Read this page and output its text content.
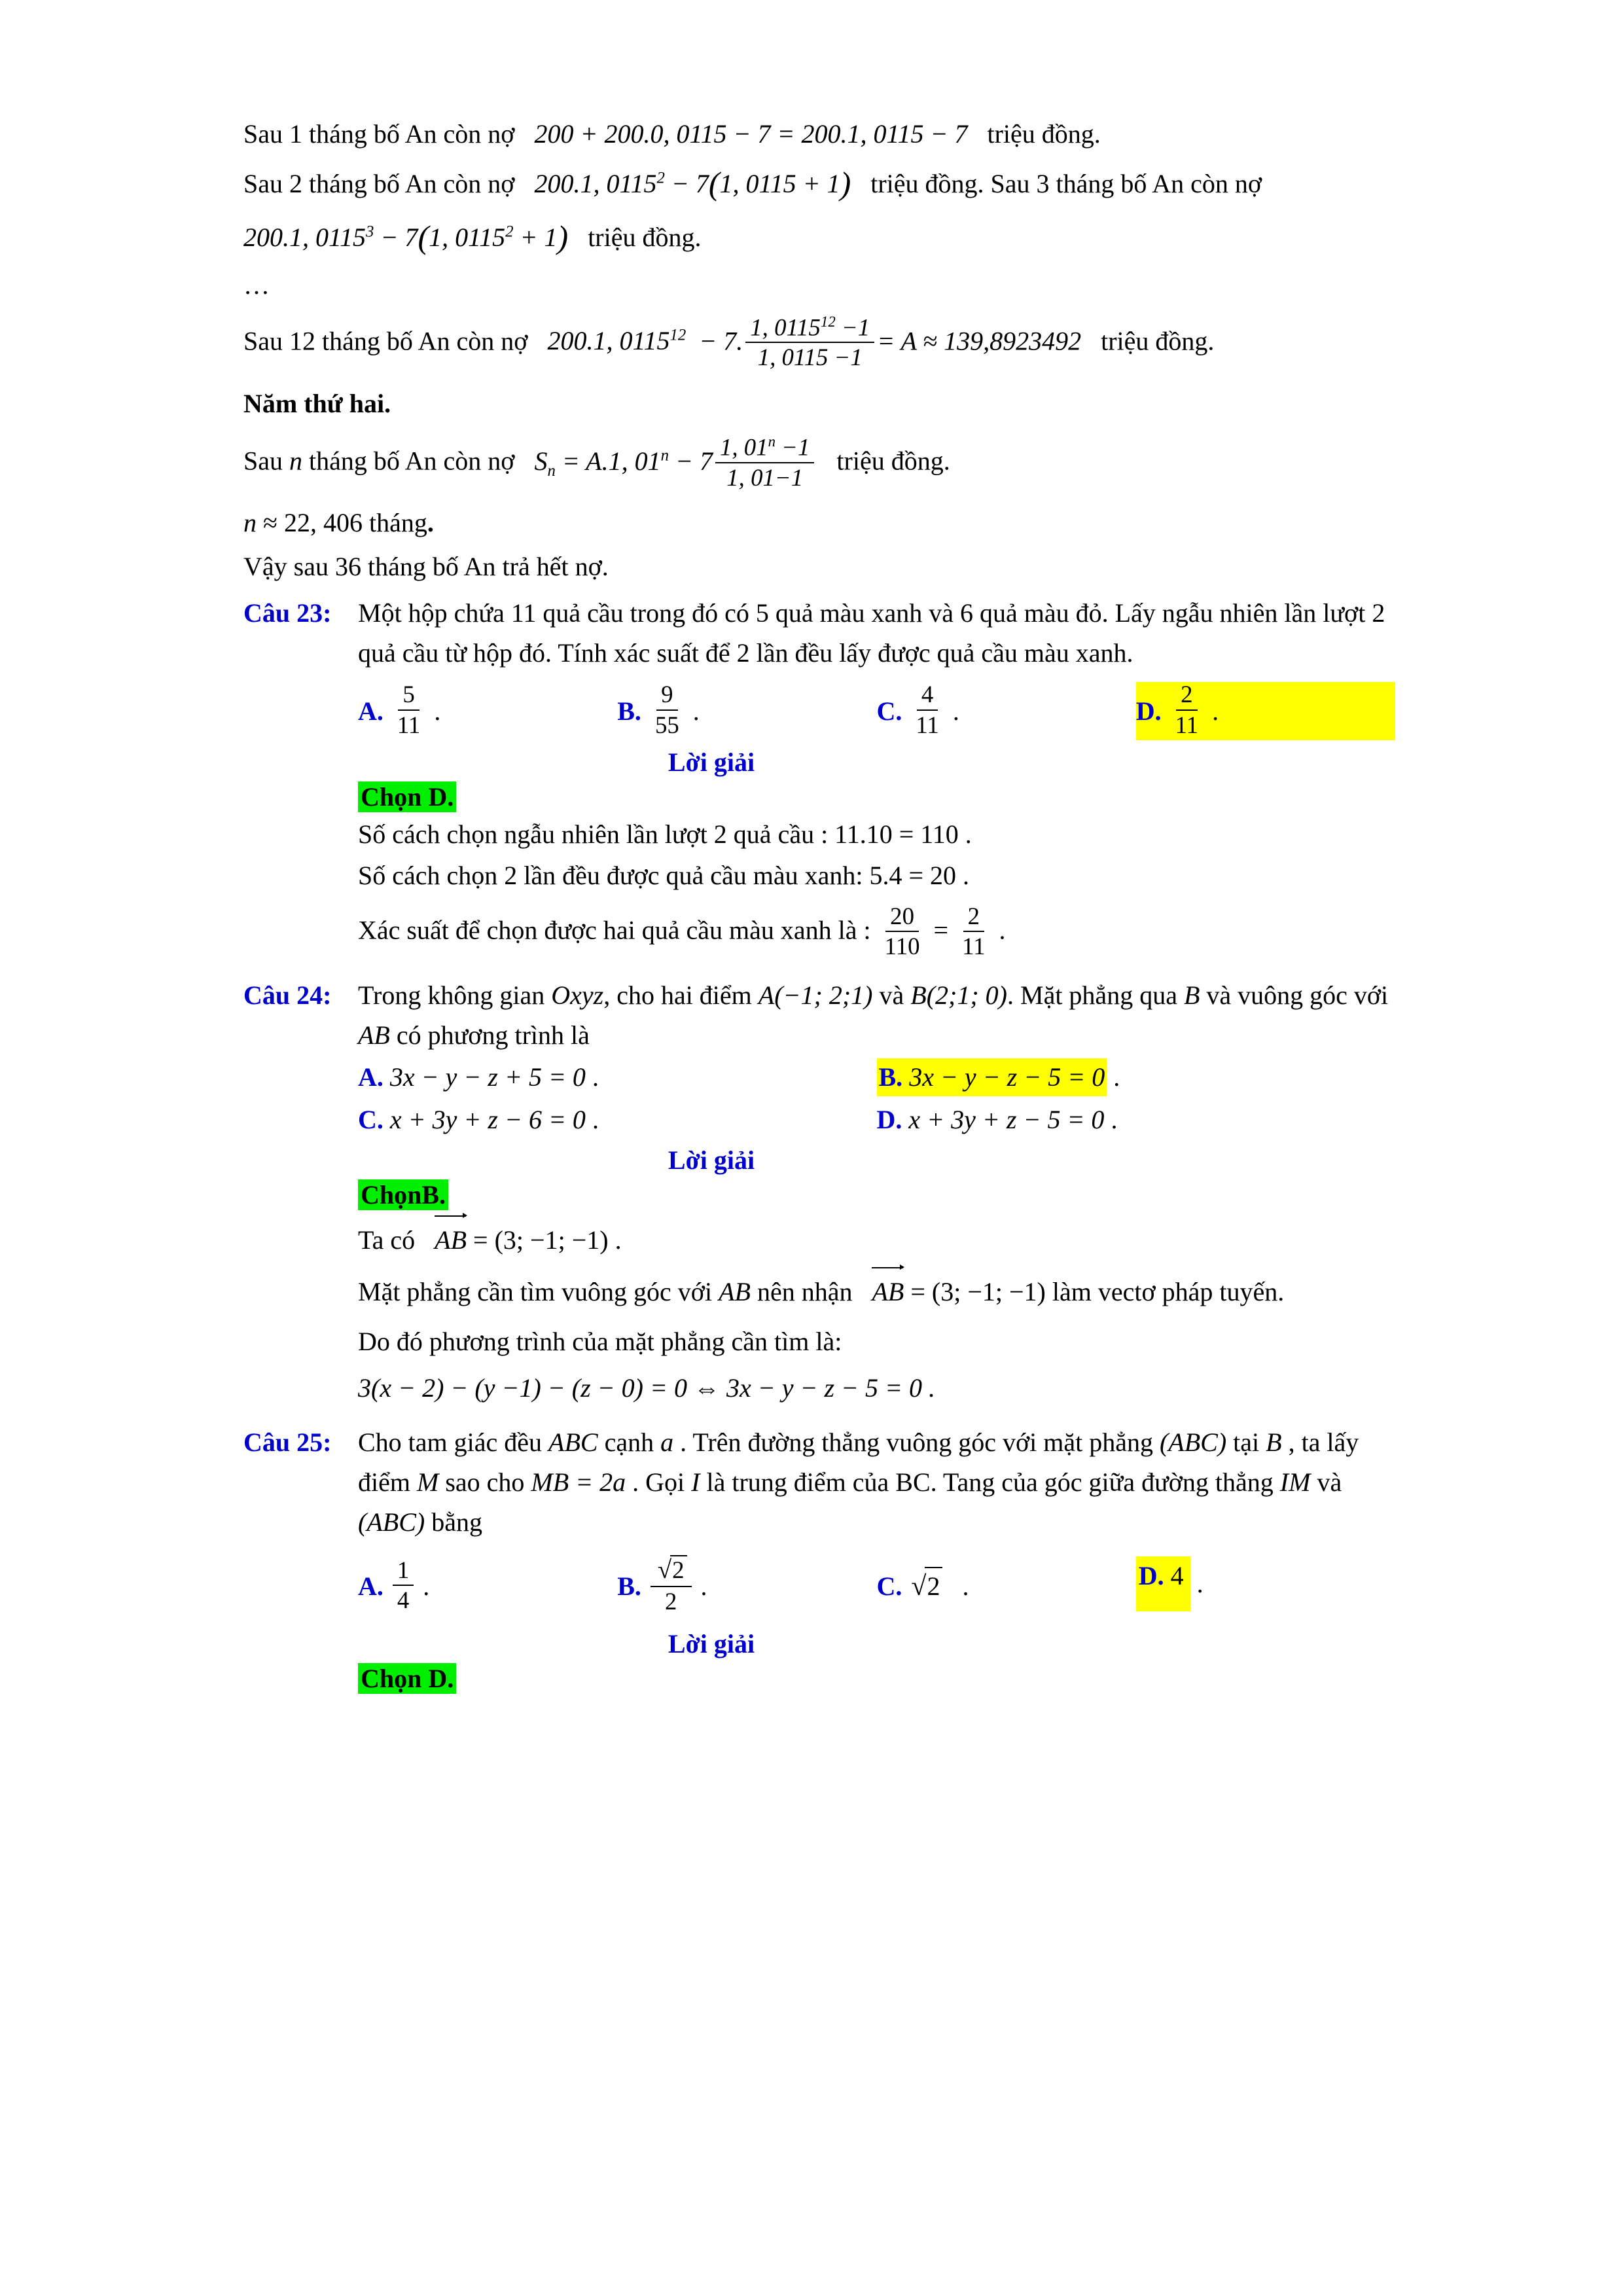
Sau 1 tháng bố An còn nợ 200 + 200.0, 0115 − 7 = 200.1, 0115 − 7 triệu đồng.
Sau 2 tháng bố An còn nợ 200.1, $0115^2 - 7(1$, 0115 + 1) triệu đồng. Sau 3 tháng bố An còn nợ
200.1, $0115^3 - 7(1$, $0115^2 + 1$) triệu đồng.
…
Sau 12 tháng bố An còn nợ 200.1, 0115$^{12}$  − 7. $\frac{1, 0115^{12} -1}{1, 0115 -1} = A \approx 139,8923492$ triệu đồng.
Năm thứ hai.
Sau n tháng bố An còn nợ $S_n = A.1$, $01^n - 7 \frac{1, 01^n -1}{1, 01-1}$ triệu đồng.
n ≈ 22, 406 tháng.
Vậy sau 36 tháng bố An trả hết nợ.
Câu 23:	Một hộp chứa 11 quả cầu trong đó có 5 quả màu xanh và 6 quả màu đỏ. Lấy ngẫu nhiên lần lượt 2 quả cầu từ hộp đó. Tính xác suất để 2 lần đều lấy được quả cầu màu xanh.
A. $\frac{5}{11}$ .	B. $\frac{9}{55}$ .	C. $\frac{4}{11}$ .	D. $\frac{2}{11}$ .
Lời giải
Chọn D.
Số cách chọn ngẫu nhiên lần lượt 2 quả cầu : 11.10 = 110 .
Số cách chọn 2 lần đều được quả cầu màu xanh: 5.4 = 20 .
Xác suất để chọn được hai quả cầu màu xanh là : $\frac{20}{110} = \frac{2}{11}$ .
Câu 24:	Trong không gian Oxyz, cho hai điểm A(−1; 2;1) và B(2;1; 0). Mặt phẳng qua B và vuông góc với AB có phương trình là
A. 3x − y − z + 5 = 0 .	B. 3x − y − z − 5 = 0 .
C. x + 3y + z − 6 = 0 .	D. x + 3y + z − 5 = 0 .
Lời giải
ChọnB.
Ta có AB = (3; −1; −1) .
Mặt phẳng cần tìm vuông góc với AB nên nhận AB = (3; −1; −1) làm vectơ pháp tuyến.
Do đó phương trình của mặt phẳng cần tìm là:
3(x − 2) − (y −1) − (z − 0) = 0 ⇔ 3x − y − z − 5 = 0 .
Câu 25:	Cho tam giác đều ABC cạnh a . Trên đường thẳng vuông góc với mặt phẳng (ABC) tại B , ta lấy điểm M sao cho MB = 2a . Gọi I là trung điểm của BC. Tang của góc giữa đường thẳng IM và (ABC) bằng
A. $\frac{1}{4}$ .	B. $\frac{√2}{2}$ .	C. √2 .	D. 4 .
Lời giải
Chọn D.
